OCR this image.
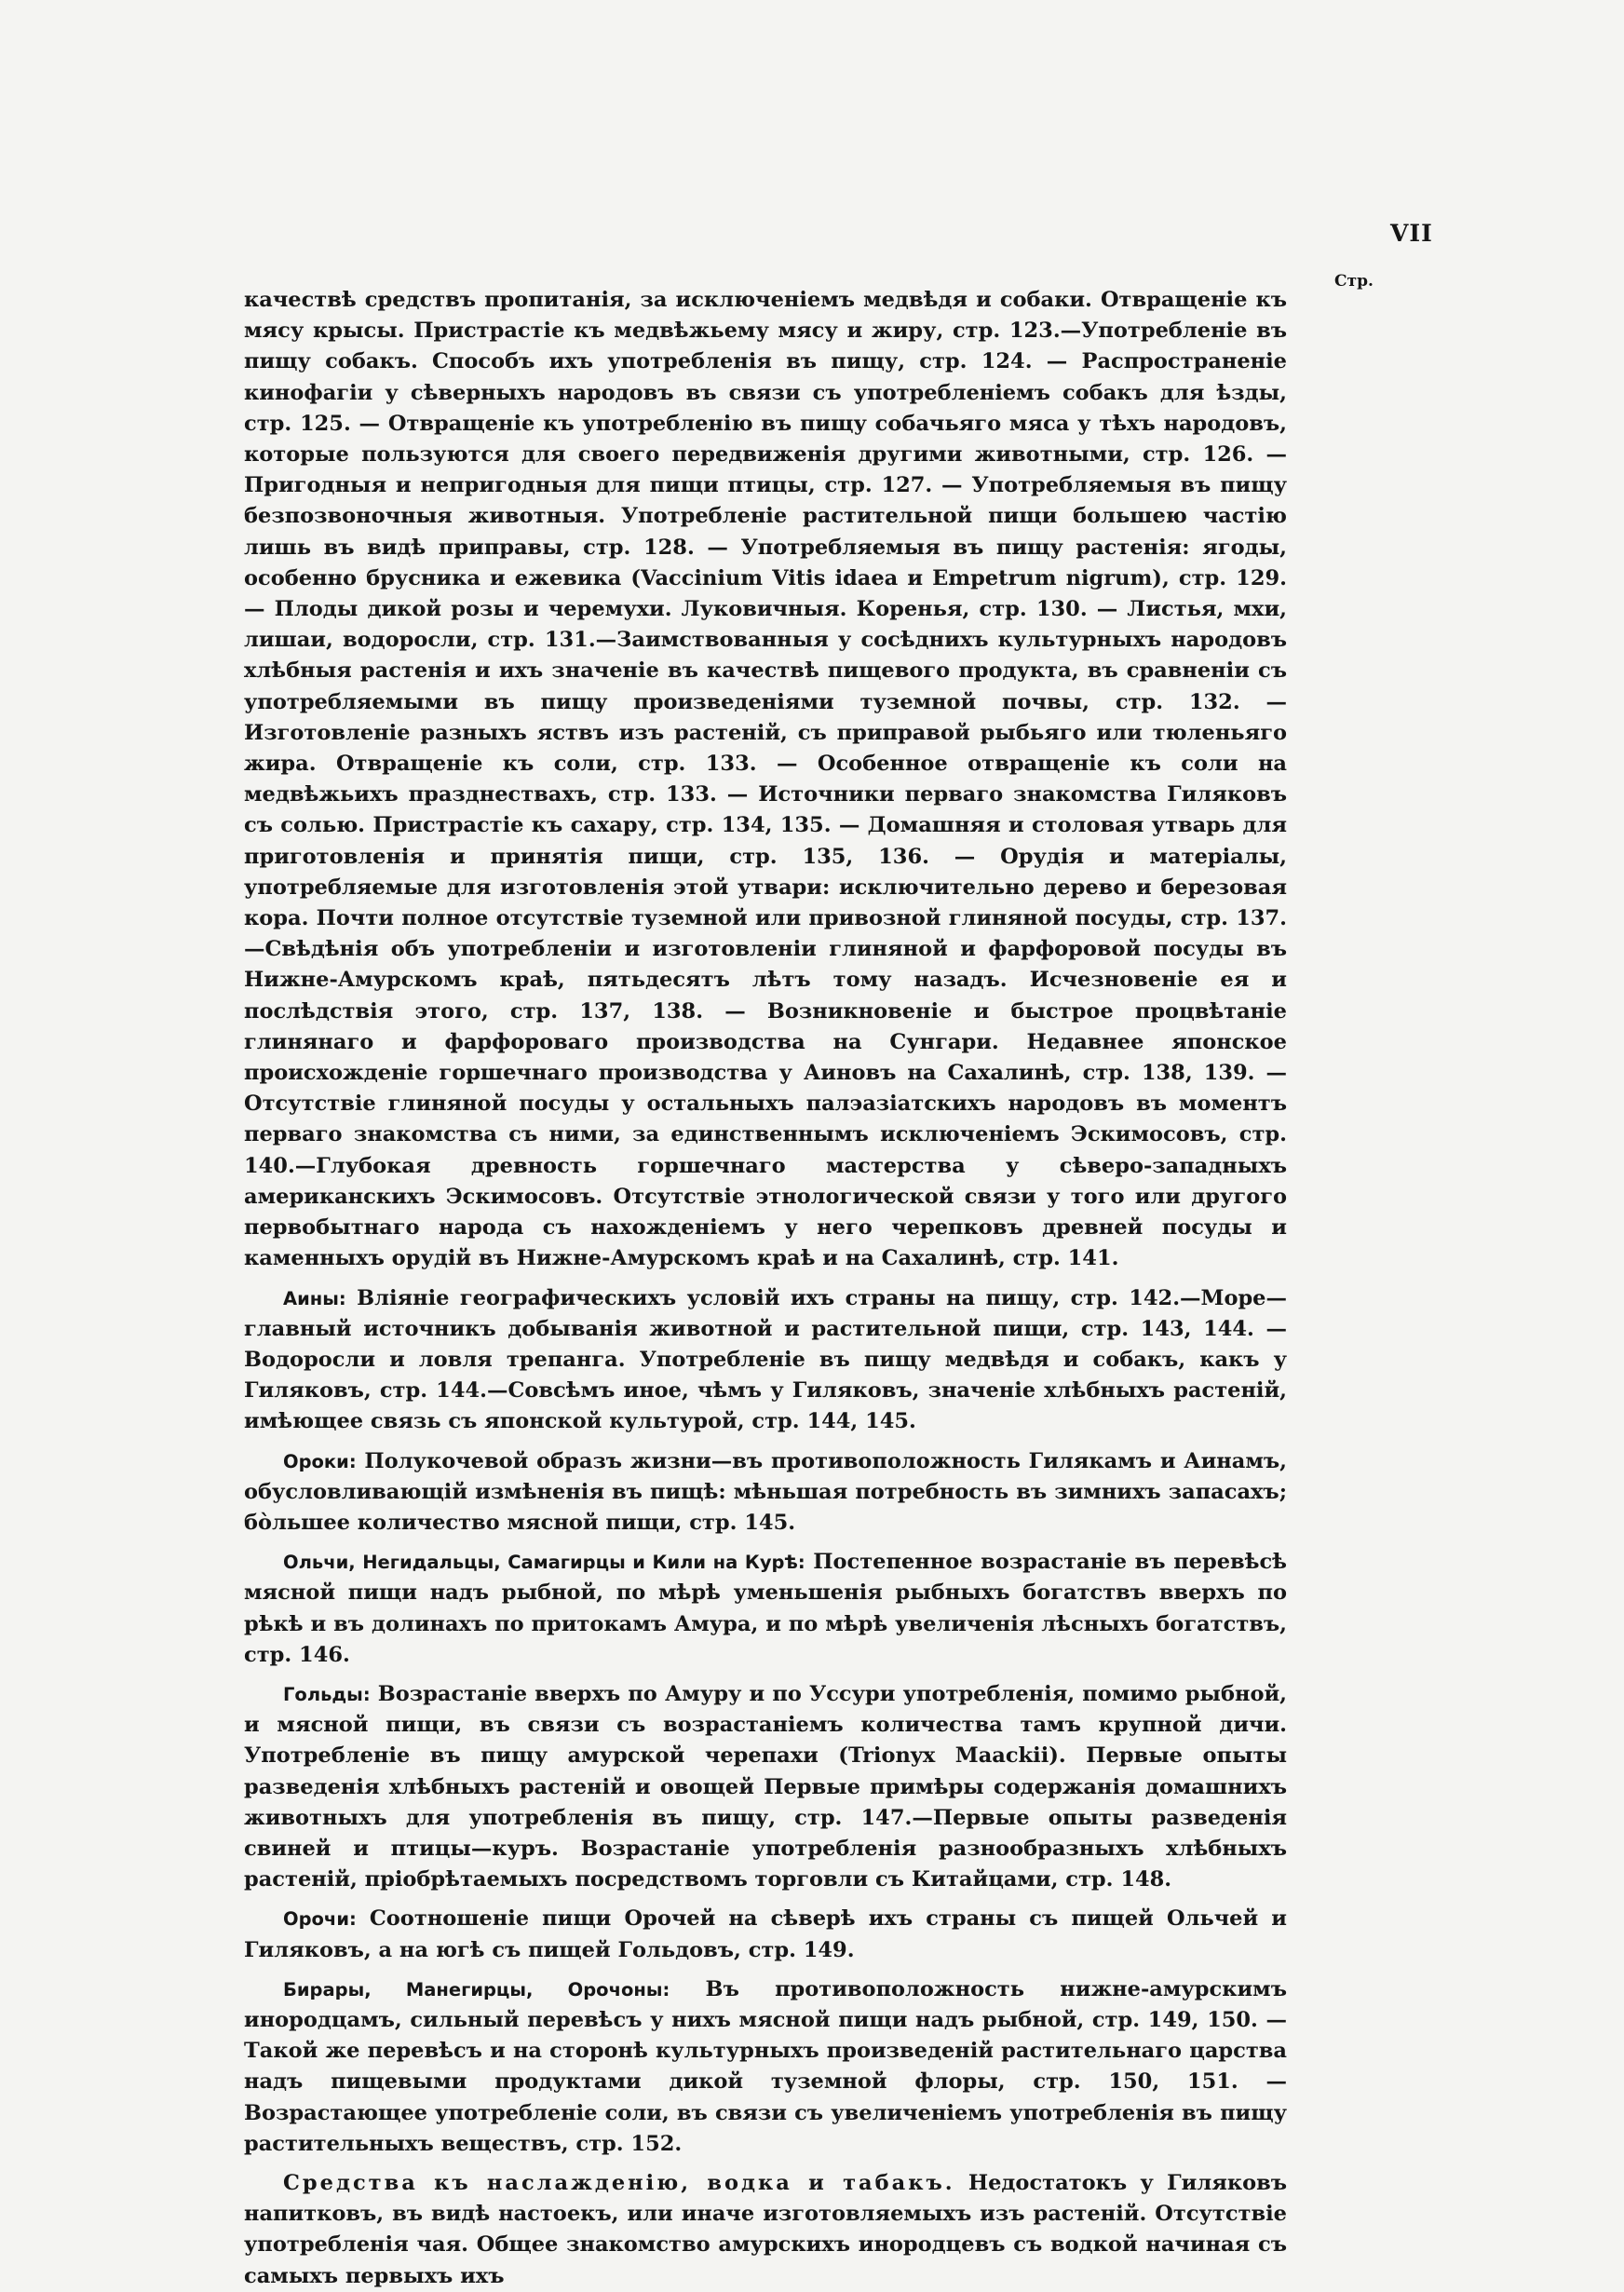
VII
Стр.

качествѣ средствъ пропитанія, за исключеніемъ медвѣдя и собаки. Отвращеніе къ мясу крысы. Пристрастіе къ медвѣжьему мясу и жиру, стр. 123.—Употребленіе въ пищу собакъ. Способъ ихъ употребленія въ пищу, стр. 124. — Распространеніе кинофагіи у сѣверныхъ народовъ въ связи съ употребленіемъ собакъ для ѣзды, стр. 125. — Отвращеніе къ употребленію въ пищу собачьяго мяса у тѣхъ народовъ, которые пользуются для своего передвиженія другими животными, стр. 126. — Пригодныя и непригодныя для пищи птицы, стр. 127. — Употребляемыя въ пищу безпозвоночныя животныя. Употребленіе растительной пищи большею частію лишь въ видѣ приправы, стр. 128. — Употребляемыя въ пищу растенія: ягоды, особенно брусника и ежевика (Vaccinium Vitis idaea и Empetrum nigrum), стр. 129. — Плоды дикой розы и черемухи. Луковичныя. Коренья, стр. 130. — Листья, мхи, лишаи, водоросли, стр. 131.—Заимствованныя у сосѣднихъ культурныхъ народовъ хлѣбныя растенія и ихъ значеніе въ качествѣ пищевого продукта, въ сравненіи съ употребляемыми въ пищу произведеніями туземной почвы, стр. 132. — Изготовленіе разныхъ яствъ изъ растеній, съ приправой рыбьяго или тюленьяго жира. Отвращеніе къ соли, стр. 133. — Особенное отвращеніе къ соли на медвѣжьихъ празднествахъ, стр. 133. — Источники перваго знакомства Гиляковъ съ солью. Пристрастіе къ сахару, стр. 134, 135. — Домашняя и столовая утварь для приготовленія и принятія пищи, стр. 135, 136. — Орудія и матеріалы, употребляемые для изготовленія этой утвари: исключительно дерево и березовая кора. Почти полное отсутствіе туземной или привозной глиняной посуды, стр. 137.—Свѣдѣнія объ употребленіи и изготовленіи глиняной и фарфоровой посуды въ Нижне-Амурскомъ краѣ, пятьдесятъ лѣтъ тому назадъ. Исчезновеніе ея и послѣдствія этого, стр. 137, 138. — Возникновеніе и быстрое процвѣтаніе глинянаго и фарфороваго производства на Сунгари. Недавнее японское происхожденіе горшечнаго производства у Аиновъ на Сахалинѣ, стр. 138, 139. — Отсутствіе глиняной посуды у остальныхъ палэазіатскихъ народовъ въ моментъ перваго знакомства съ ними, за единственнымъ исключеніемъ Эскимосовъ, стр. 140.—Глубокая древность горшечнаго мастерства у сѣверо-западныхъ американскихъ Эскимосовъ. Отсутствіе этнологической связи у того или другого первобытнаго народа съ нахожденіемъ у него черепковъ древней посуды и каменныхъ орудій въ Нижне-Амурскомъ краѣ и на Сахалинѣ, стр. 141.

Аины: Вліяніе географическихъ условій ихъ страны на пищу, стр. 142.—Море—главный источникъ добыванія животной и растительной пищи, стр. 143, 144. — Водоросли и ловля трепанга. Употребленіе въ пищу медвѣдя и собакъ, какъ у Гиляковъ, стр. 144.—Совсѣмъ иное, чѣмъ у Гиляковъ, значеніе хлѣбныхъ растеній, имѣющее связь съ японской культурой, стр. 144, 145.

Ороки: Полукочевой образъ жизни—въ противоположность Гилякамъ и Аинамъ, обусловливающій измѣненія въ пищѣ: мѣньшая потребность въ зимнихъ запасахъ; бо̀льшее количество мясной пищи, стр. 145.

Ольчи, Негидальцы, Самагирцы и Кили на Курѣ: Постепенное возрастаніе въ перевѣсѣ мясной пищи надъ рыбной, по мѣрѣ уменьшенія рыбныхъ богатствъ вверхъ по рѣкѣ и въ долинахъ по притокамъ Амура, и по мѣрѣ увеличенія лѣсныхъ богатствъ, стр. 146.

Гольды: Возрастаніе вверхъ по Амуру и по Уссури употребленія, помимо рыбной, и мясной пищи, въ связи съ возрастаніемъ количества тамъ крупной дичи. Употребленіе въ пищу амурской черепахи (Trionyx Maackii). Первые опыты разведенія хлѣбныхъ растеній и овощей Первые примѣры содержанія домашнихъ животныхъ для употребленія въ пищу, стр. 147.—Первые опыты разведенія свиней и птицы—куръ. Возрастаніе употребленія разнообразныхъ хлѣбныхъ растеній, пріобрѣтаемыхъ посредствомъ торговли съ Китайцами, стр. 148.

Орочи: Соотношеніе пищи Орочей на сѣверѣ ихъ страны съ пищей Ольчей и Гиляковъ, а на югѣ съ пищей Гольдовъ, стр. 149.

Бирары, Манегирцы, Орочоны: Въ противоположность нижне-амурскимъ инородцамъ, сильный перевѣсъ у нихъ мясной пищи надъ рыбной, стр. 149, 150. — Такой же перевѣсъ и на сторонѣ культурныхъ произведеній растительнаго царства надъ пищевыми продуктами дикой туземной флоры, стр. 150, 151. — Возрастающее употребленіе соли, въ связи съ увеличеніемъ употребленія въ пищу растительныхъ веществъ, стр. 152.

Средства къ наслажденію, водка и табакъ. Недостатокъ у Гиляковъ напитковъ, въ видѣ настоекъ, или иначе изготовляемыхъ изъ растеній. Отсутствіе употребленія чая. Общее знакомство амурскихъ инородцевъ съ водкой начиная съ самыхъ первыхъ ихъ
